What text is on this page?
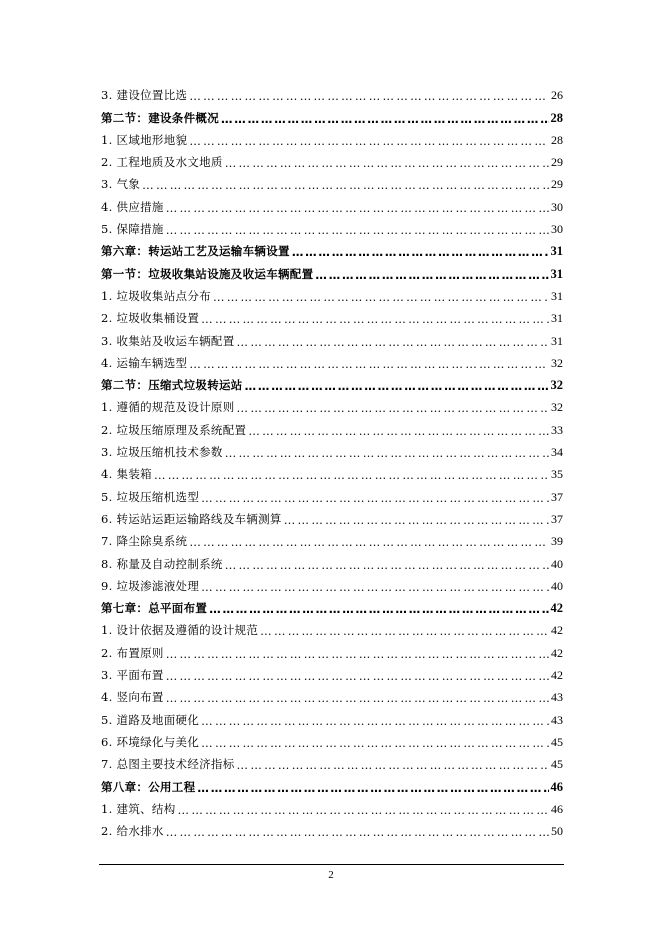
3. 建设位置比选 ……………………………………………………………………………………………………………………………………………………………………………	26
第二节：建设条件概况 ……………………………………………………………………………………………………………………………………………………………………………	28
1. 区域地形地貌 ……………………………………………………………………………………………………………………………………………………………………………	28
2. 工程地质及水文地质 ……………………………………………………………………………………………………………………………………………………………………………	29
3. 气象 ……………………………………………………………………………………………………………………………………………………………………………	29
4. 供应措施 ……………………………………………………………………………………………………………………………………………………………………………	30
5. 保障措施 ……………………………………………………………………………………………………………………………………………………………………………	30
第六章：转运站工艺及运输车辆设置 ……………………………………………………………………………………………………………………………………………………………………………	31
第一节：垃圾收集站设施及收运车辆配置 ……………………………………………………………………………………………………………………………………………………………………………	31
1. 垃圾收集站点分布 ……………………………………………………………………………………………………………………………………………………………………………	31
2. 垃圾收集桶设置 ……………………………………………………………………………………………………………………………………………………………………………	31
3. 收集站及收运车辆配置 ……………………………………………………………………………………………………………………………………………………………………………	31
4. 运输车辆选型 ……………………………………………………………………………………………………………………………………………………………………………	32
第二节：压缩式垃圾转运站 ……………………………………………………………………………………………………………………………………………………………………………	32
1. 遵循的规范及设计原则 ……………………………………………………………………………………………………………………………………………………………………………	32
2. 垃圾压缩原理及系统配置 ……………………………………………………………………………………………………………………………………………………………………………	33
3. 垃圾压缩机技术参数 ……………………………………………………………………………………………………………………………………………………………………………	34
4. 集装箱 ……………………………………………………………………………………………………………………………………………………………………………	35
5. 垃圾压缩机选型 ……………………………………………………………………………………………………………………………………………………………………………	37
6. 转运站运距运输路线及车辆测算 ……………………………………………………………………………………………………………………………………………………………………………	37
7. 降尘除臭系统 ……………………………………………………………………………………………………………………………………………………………………………	39
8. 称量及自动控制系统 ……………………………………………………………………………………………………………………………………………………………………………	40
9. 垃圾渗滤液处理 ……………………………………………………………………………………………………………………………………………………………………………	40
第七章：总平面布置 ……………………………………………………………………………………………………………………………………………………………………………	42
1. 设计依据及遵循的设计规范 ……………………………………………………………………………………………………………………………………………………………………………	42
2. 布置原则 ……………………………………………………………………………………………………………………………………………………………………………	42
3. 平面布置 ……………………………………………………………………………………………………………………………………………………………………………	42
4. 竖向布置 ……………………………………………………………………………………………………………………………………………………………………………	43
5. 道路及地面硬化 ……………………………………………………………………………………………………………………………………………………………………………	43
6. 环境绿化与美化 ……………………………………………………………………………………………………………………………………………………………………………	45
7. 总图主要技术经济指标 ……………………………………………………………………………………………………………………………………………………………………………	45
第八章：公用工程 ……………………………………………………………………………………………………………………………………………………………………………	46
1. 建筑、结构 ……………………………………………………………………………………………………………………………………………………………………………	46
2. 给水排水 ……………………………………………………………………………………………………………………………………………………………………………	50
2
